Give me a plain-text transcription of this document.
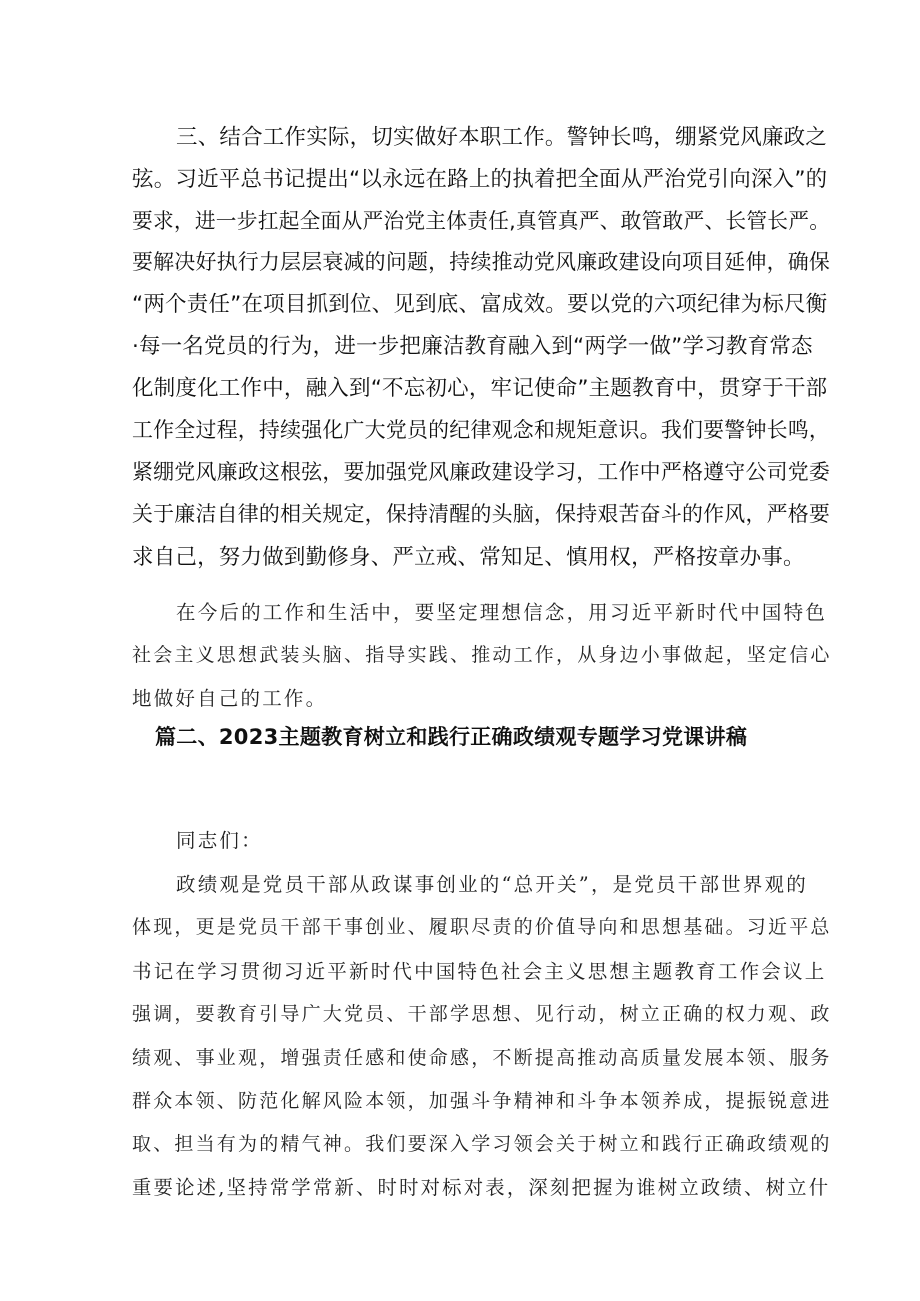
三、结合工作实际，切实做好本职工作。警钟长鸣，绷紧党风廉政之

弦。习近平总书记提出“以永远在路上的执着把全面从严治党引向深入”的

要求，进一步扛起全面从严治党主体责任,真管真严、敢管敢严、长管长严。

要解决好执行力层层衰减的问题，持续推动党风廉政建设向项目延伸，确保

“两个责任”在项目抓到位、见到底、富成效。要以党的六项纪律为标尺衡

·每一名党员的行为，进一步把廉洁教育融入到“两学一做”学习教育常态

化制度化工作中，融入到“不忘初心，牢记使命”主题教育中，贯穿于干部

工作全过程，持续强化广大党员的纪律观念和规矩意识。我们要警钟长鸣，

紧绷党风廉政这根弦，要加强党风廉政建设学习，工作中严格遵守公司党委

关于廉洁自律的相关规定，保持清醒的头脑，保持艰苦奋斗的作风，严格要

求自己，努力做到勤修身、严立戒、常知足、慎用权，严格按章办事。

在今后的工作和生活中，要坚定理想信念，用习近平新时代中国特色

社会主义思想武装头脑、指导实践、推动工作，从身边小事做起，坚定信心

地做好自己的工作。

篇二、2023主题教育树立和践行正确政绩观专题学习党课讲稿

同志们：

政绩观是党员干部从政谋事创业的“总开关”，是党员干部世界观的

体现，更是党员干部干事创业、履职尽责的价值导向和思想基础。习近平总

书记在学习贯彻习近平新时代中国特色社会主义思想主题教育工作会议上

强调，要教育引导广大党员、干部学思想、见行动，树立正确的权力观、政

绩观、事业观，增强责任感和使命感，不断提高推动高质量发展本领、服务

群众本领、防范化解风险本领，加强斗争精神和斗争本领养成，提振锐意进

取、担当有为的精气神。我们要深入学习领会关于树立和践行正确政绩观的

重要论述,坚持常学常新、时时对标对表，深刻把握为谁树立政绩、树立什
